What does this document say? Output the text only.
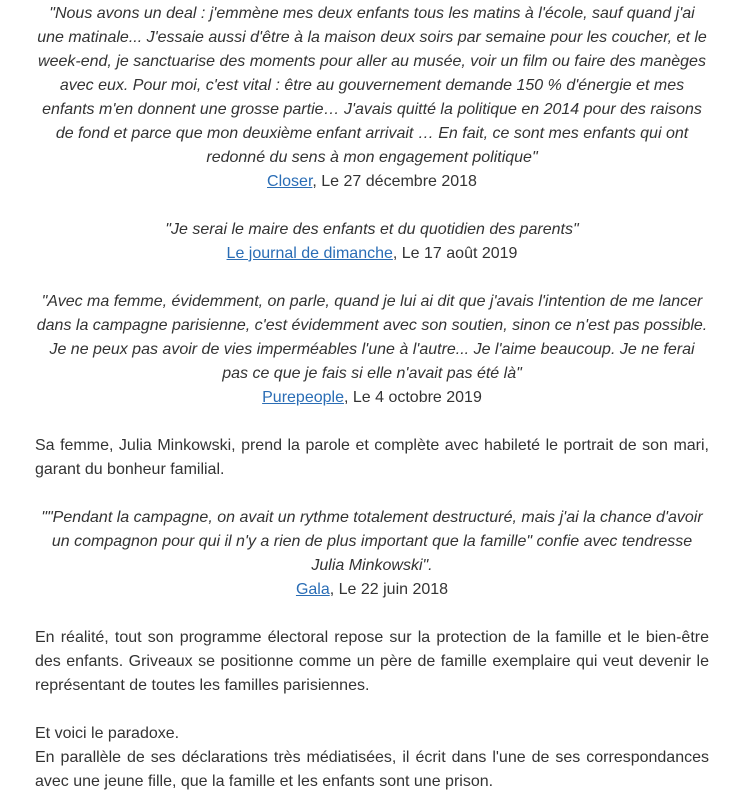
"Nous avons un deal : j'emmène mes deux enfants tous les matins à l'école, sauf quand j'ai une matinale... J'essaie aussi d'être à la maison deux soirs par semaine pour les coucher, et le week-end, je sanctuarise des moments pour aller au musée, voir un film ou faire des manèges avec eux. Pour moi, c'est vital : être au gouvernement demande 150 % d'énergie et mes enfants m'en donnent une grosse partie… J'avais quitté la politique en 2014 pour des raisons de fond et parce que mon deuxième enfant arrivait … En fait, ce sont mes enfants qui ont redonné du sens à mon engagement politique"

Closer, Le 27 décembre 2018

"Je serai le maire des enfants et du quotidien des parents"

Le journal de dimanche, Le 17 août 2019

"Avec ma femme, évidemment, on parle, quand je lui ai dit que j'avais l'intention de me lancer dans la campagne parisienne, c'est évidemment avec son soutien, sinon ce n'est pas possible. Je ne peux pas avoir de vies imperméables l'une à l'autre... Je l'aime beaucoup. Je ne ferai pas ce que je fais si elle n'avait pas été là"

Purepeople, Le 4 octobre 2019

Sa femme, Julia Minkowski, prend la parole et complète avec habileté le portrait de son mari, garant du bonheur familial.

""Pendant la campagne, on avait un rythme totalement destructuré, mais j'ai la chance d'avoir un compagnon pour qui il n'y a rien de plus important que la famille" confie avec tendresse Julia Minkowski".

Gala, Le 22 juin 2018

En réalité, tout son programme électoral repose sur la protection de la famille et le bien-être des enfants. Griveaux se positionne comme un père de famille exemplaire qui veut devenir le représentant de toutes les familles parisiennes.

Et voici le paradoxe.

En parallèle de ses déclarations très médiatisées, il écrit dans l'une de ses correspondances avec une jeune fille, que la famille et les enfants sont une prison.
